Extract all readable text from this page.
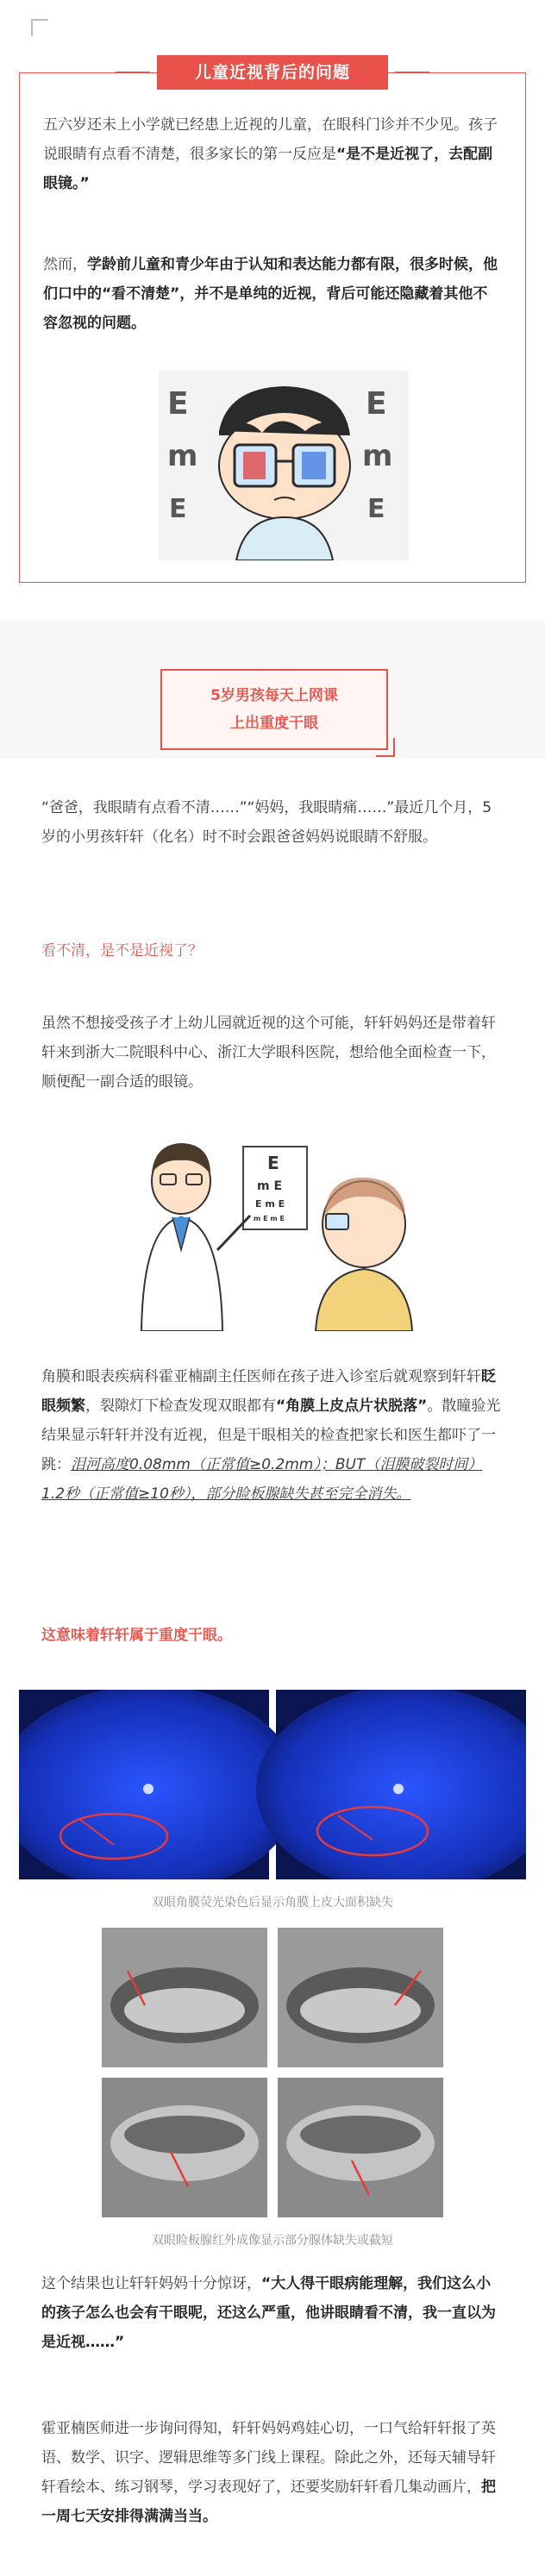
儿童近视背后的问题
五六岁还未上小学就已经患上近视的儿童，在眼科门诊并不少见。孩子说眼睛有点看不清楚，很多家长的第一反应是“是不是近视了，去配副眼镜。”
然而，学龄前儿童和青少年由于认知和表达能力都有限，很多时候，他们口中的“看不清楚”，并不是单纯的近视，背后可能还隐藏着其他不容忽视的问题。
E
m
E
E
m
E
5岁男孩每天上网课
上出重度干眼
“爸爸，我眼睛有点看不清……”“妈妈，我眼睛痛……”最近几个月，5岁的小男孩轩轩（化名）时不时会跟爸爸妈妈说眼睛不舒服。
看不清，是不是近视了？
虽然不想接受孩子才上幼儿园就近视的这个可能，轩轩妈妈还是带着轩轩来到浙大二院眼科中心、浙江大学眼科医院，想给他全面检查一下，顺便配一副合适的眼镜。
E
m E
E m E
m E m E
角膜和眼表疾病科霍亚楠副主任医师在孩子进入诊室后就观察到轩轩眨眼频繁，裂隙灯下检查发现双眼都有“角膜上皮点片状脱落”。散瞳验光结果显示轩轩并没有近视，但是干眼相关的检查把家长和医生都吓了一跳：泪河高度0.08mm（正常值≥0.2mm）；BUT（泪膜破裂时间）1.2秒（正常值≥10秒），部分睑板腺缺失甚至完全消失。
这意味着轩轩属于重度干眼。
双眼角膜荧光染色后显示角膜上皮大面积缺失
双眼睑板腺红外成像显示部分腺体缺失或截短
这个结果也让轩轩妈妈十分惊讶，“大人得干眼病能理解，我们这么小的孩子怎么也会有干眼呢，还这么严重，他讲眼睛看不清，我一直以为是近视……”
霍亚楠医师进一步询问得知，轩轩妈妈鸡娃心切，一口气给轩轩报了英语、数学、识字、逻辑思维等多门线上课程。除此之外，还每天辅导轩轩看绘本、练习钢琴，学习表现好了，还要奖励轩轩看几集动画片，把一周七天安排得满满当当。
